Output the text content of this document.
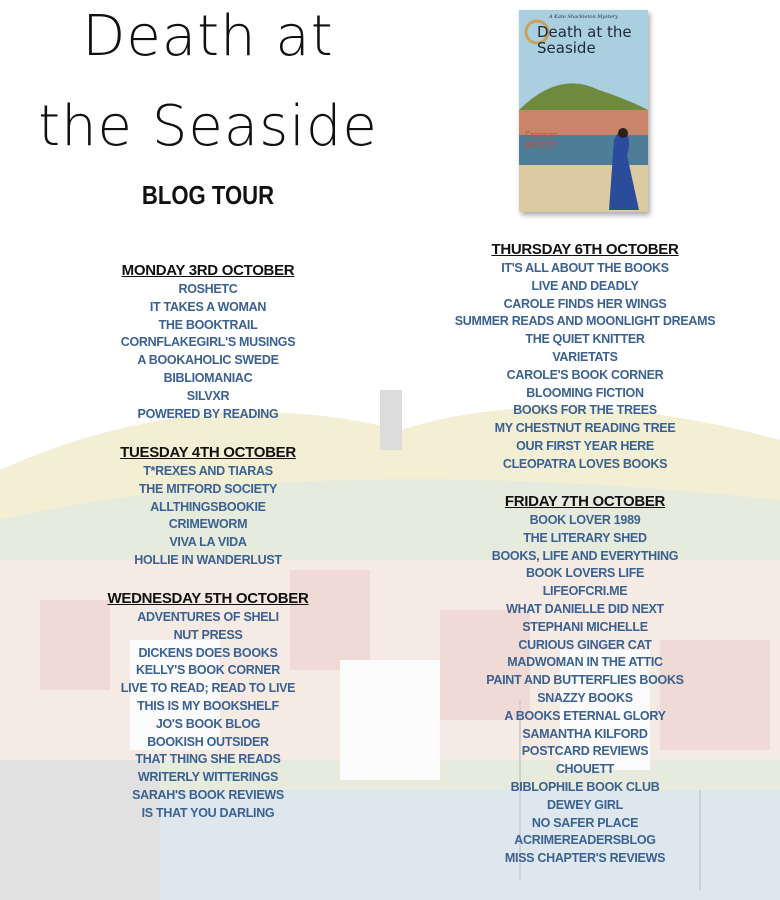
Death at
the Seaside
BLOG TOUR
A Kate Shackleton Mystery
Death at the Seaside
Frances
BRODY
MONDAY 3RD OCTOBER
ROSHETC
IT TAKES A WOMAN
THE BOOKTRAIL
CORNFLAKEGIRL'S MUSINGS
A BOOKAHOLIC SWEDE
BIBLIOMANIAC
SILVXR
POWERED BY READING
TUESDAY 4TH OCTOBER
T*REXES AND TIARAS
THE MITFORD SOCIETY
ALLTHINGSBOOKIE
CRIMEWORM
VIVA LA VIDA
HOLLIE IN WANDERLUST
WEDNESDAY 5TH OCTOBER
ADVENTURES OF SHELI
NUT PRESS
DICKENS DOES BOOKS
KELLY'S BOOK CORNER
LIVE TO READ; READ TO LIVE
THIS IS MY BOOKSHELF
JO'S BOOK BLOG
BOOKISH OUTSIDER
THAT THING SHE READS
WRITERLY WITTERINGS
SARAH'S BOOK REVIEWS
IS THAT YOU DARLING
THURSDAY 6TH OCTOBER
IT'S ALL ABOUT THE BOOKS
LIVE AND DEADLY
CAROLE FINDS HER WINGS
SUMMER READS AND MOONLIGHT DREAMS
THE QUIET KNITTER
VARIETATS
CAROLE'S BOOK CORNER
BLOOMING FICTION
BOOKS FOR THE TREES
MY CHESTNUT READING TREE
OUR FIRST YEAR HERE
CLEOPATRA LOVES BOOKS
FRIDAY 7TH OCTOBER
BOOK LOVER 1989
THE LITERARY SHED
BOOKS, LIFE AND EVERYTHING
BOOK LOVERS LIFE
LIFEOFCRI.ME
WHAT DANIELLE DID NEXT
STEPHANI MICHELLE
CURIOUS GINGER CAT
MADWOMAN IN THE ATTIC
PAINT AND BUTTERFLIES BOOKS
SNAZZY BOOKS
A BOOKS ETERNAL GLORY
SAMANTHA KILFORD
POSTCARD REVIEWS
CHOUETT
BIBLOPHILE BOOK CLUB
DEWEY GIRL
NO SAFER PLACE
ACRIMEREADERSBLOG
MISS CHAPTER'S REVIEWS
